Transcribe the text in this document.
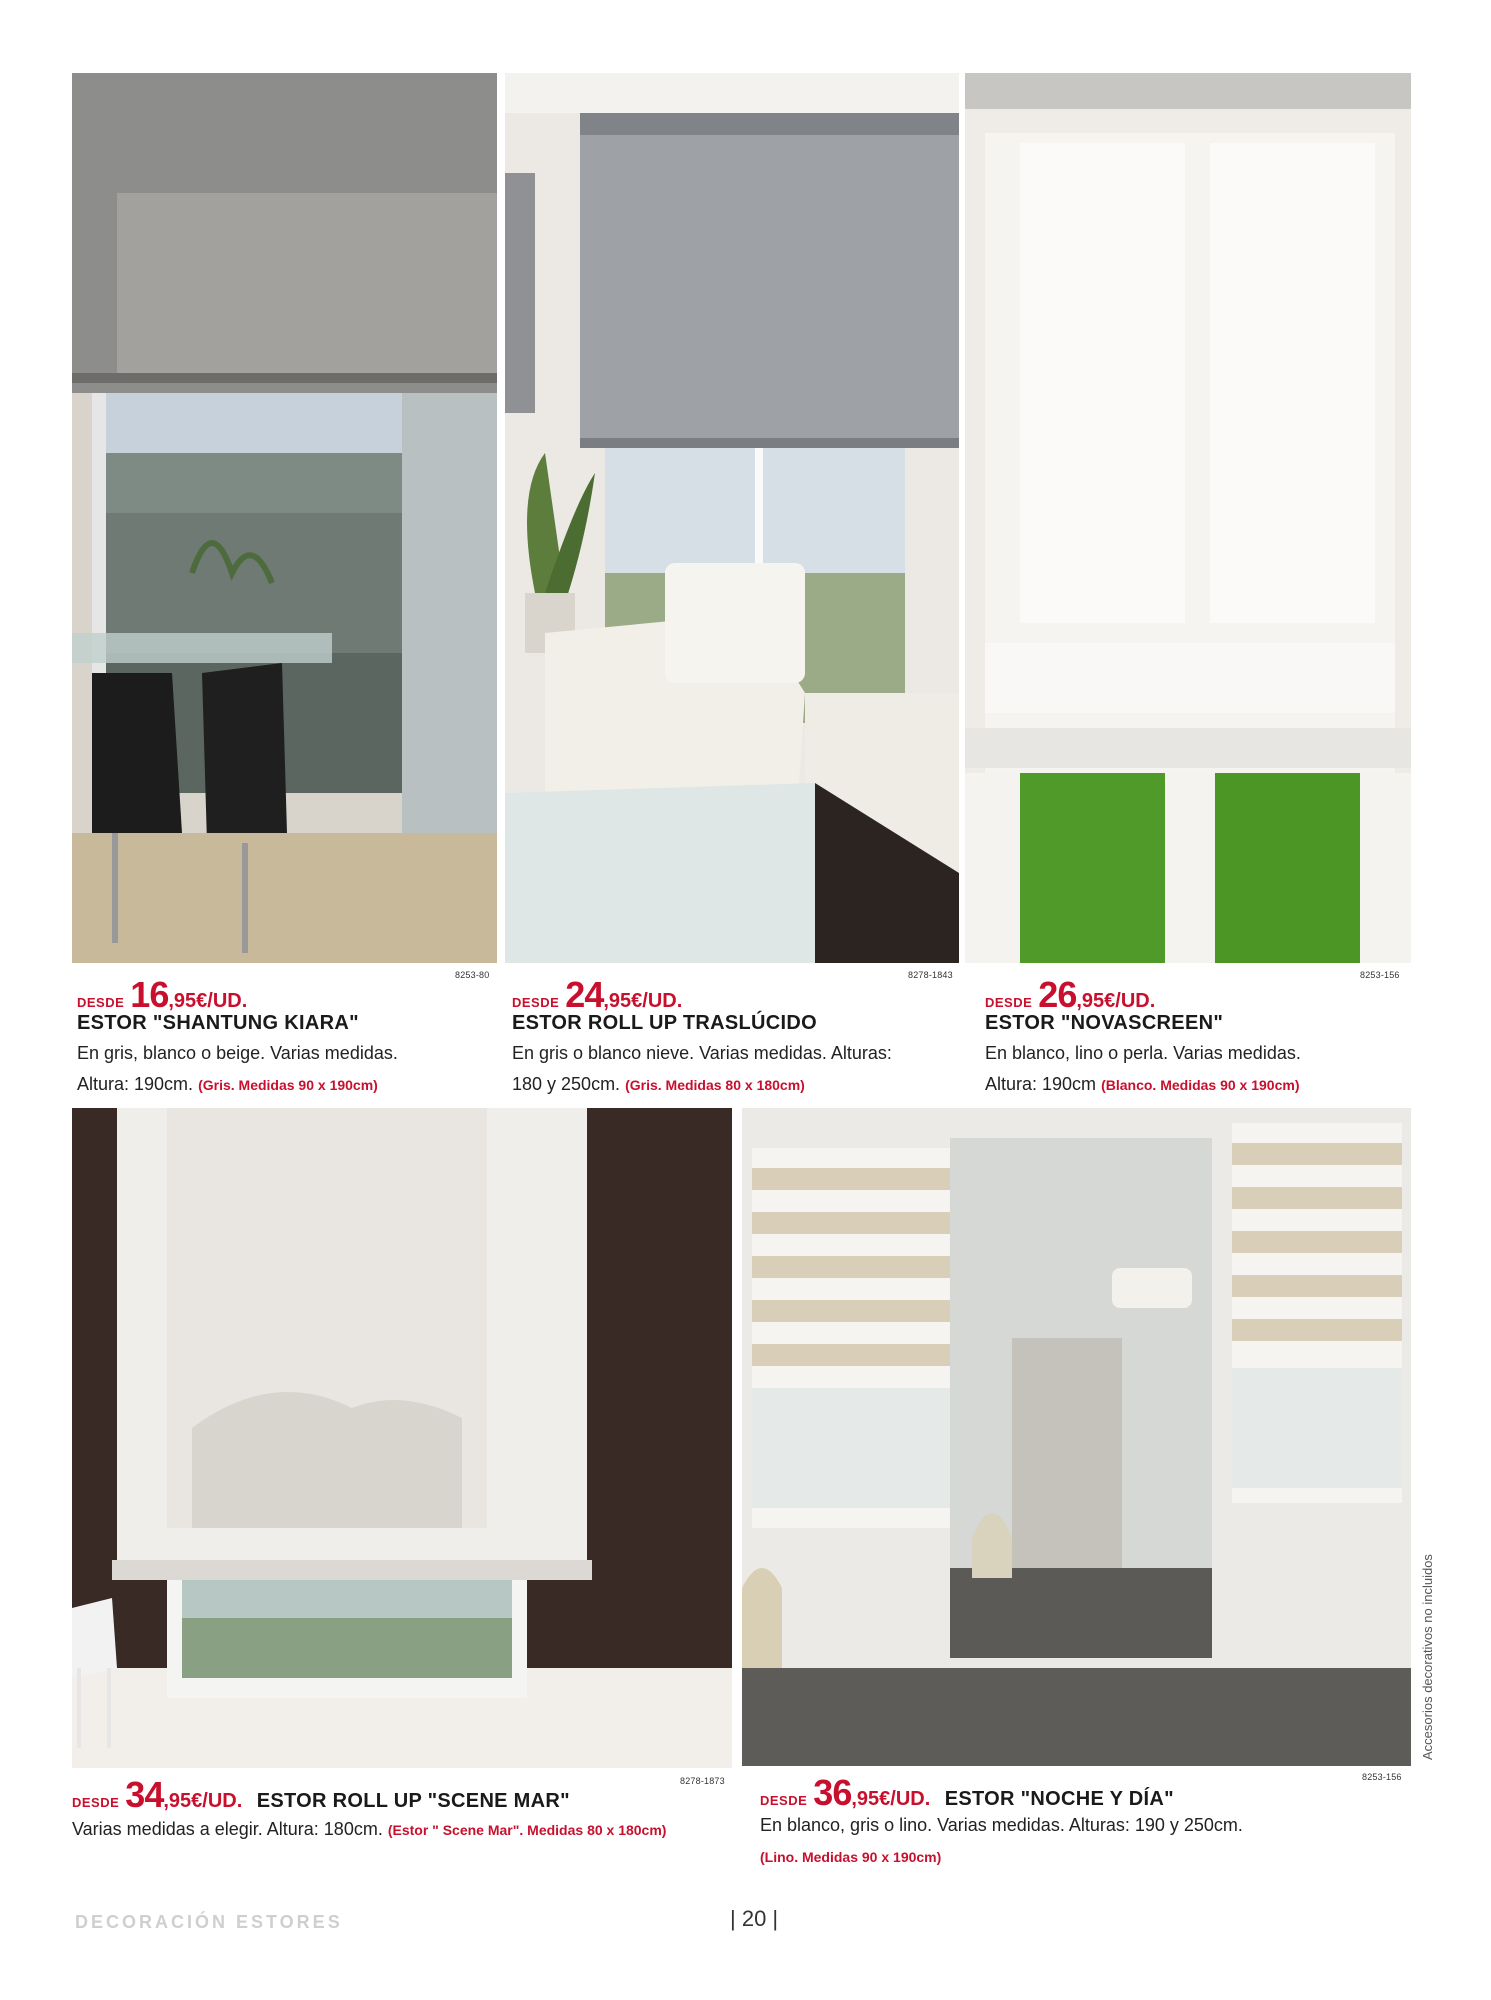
8253-80	8278-1843	8253-156
DESDE 16,95€/UD.
ESTOR "SHANTUNG KIARA"
En gris, blanco o beige. Varias medidas.
Altura: 190cm. (Gris. Medidas 90 x 190cm)
DESDE 24,95€/UD.
ESTOR ROLL UP TRASLÚCIDO
En gris o blanco nieve. Varias medidas. Alturas:
180 y 250cm. (Gris. Medidas 80 x 180cm)
DESDE 26,95€/UD.
ESTOR "NOVASCREEN"
En blanco, lino o perla. Varias medidas.
Altura: 190cm (Blanco. Medidas 90 x 190cm)
8278-1873	8253-156
DESDE 34,95€/UD. ESTOR ROLL UP "SCENE MAR"
Varias medidas a elegir. Altura: 180cm. (Estor " Scene Mar". Medidas 80 x 180cm)
DESDE 36,95€/UD. ESTOR "NOCHE Y DÍA"
En blanco, gris o lino. Varias medidas. Alturas: 190 y 250cm.
(Lino. Medidas 90 x 190cm)
Accesorios decorativos no incluidos
DECORACIÓN ESTORES	| 20 |
